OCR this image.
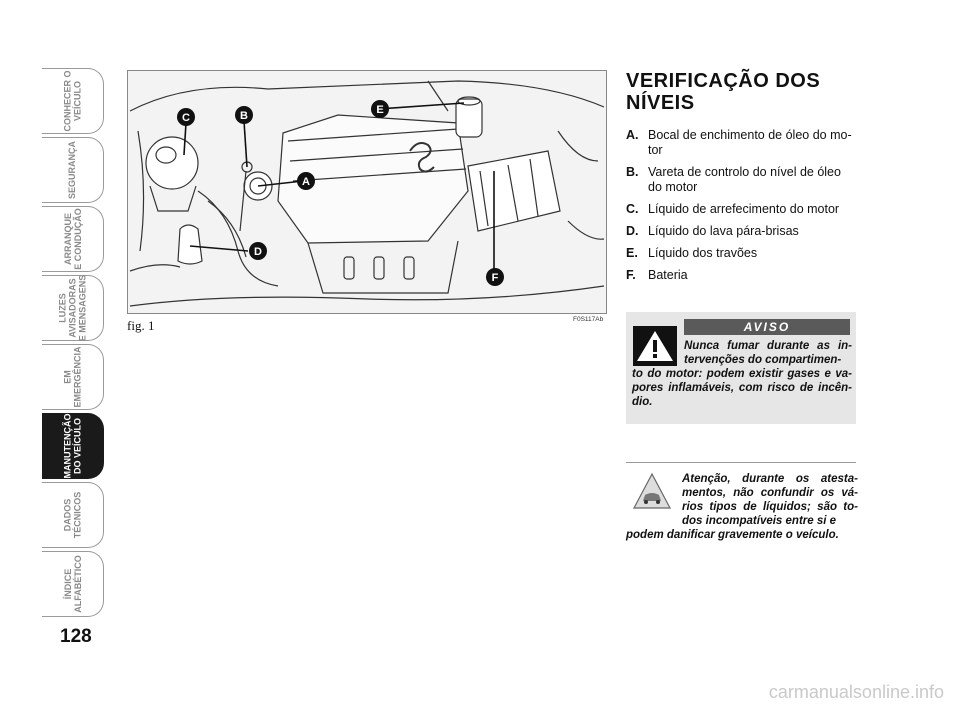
CONHECER O
VEÍCULO
SEGURANÇA
ARRANQUE
E CONDUÇÃO
LUZES
AVISADORAS
E MENSAGENS
EM
EMERGÊNCIA
MANUTENÇÃO
DO VEÍCULO
DADOS
TÉCNICOS
ÍNDICE
ALFABÉTICO
128
A
B
C
D
E
F
fig. 1	F0S117Ab
VERIFICAÇÃO DOS NÍVEIS
A. Bocal de enchimento de óleo do mo-tor
B. Vareta de controlo do nível de óleo do motor
C. Líquido de arrefecimento do motor
D. Líquido do lava pára-brisas
E. Líquido dos travões
F. Bateria
AVISO
Nunca fumar durante as in-tervenções do compartimen-
to do motor: podem existir gases e va-pores inflamáveis, com risco de incên-dio.
Atenção, durante os atesta-mentos, não confundir os vá-rios tipos de líquidos; são to-dos incompatíveis entre si e
podem danificar gravemente o veículo.
carmanualsonline.info
